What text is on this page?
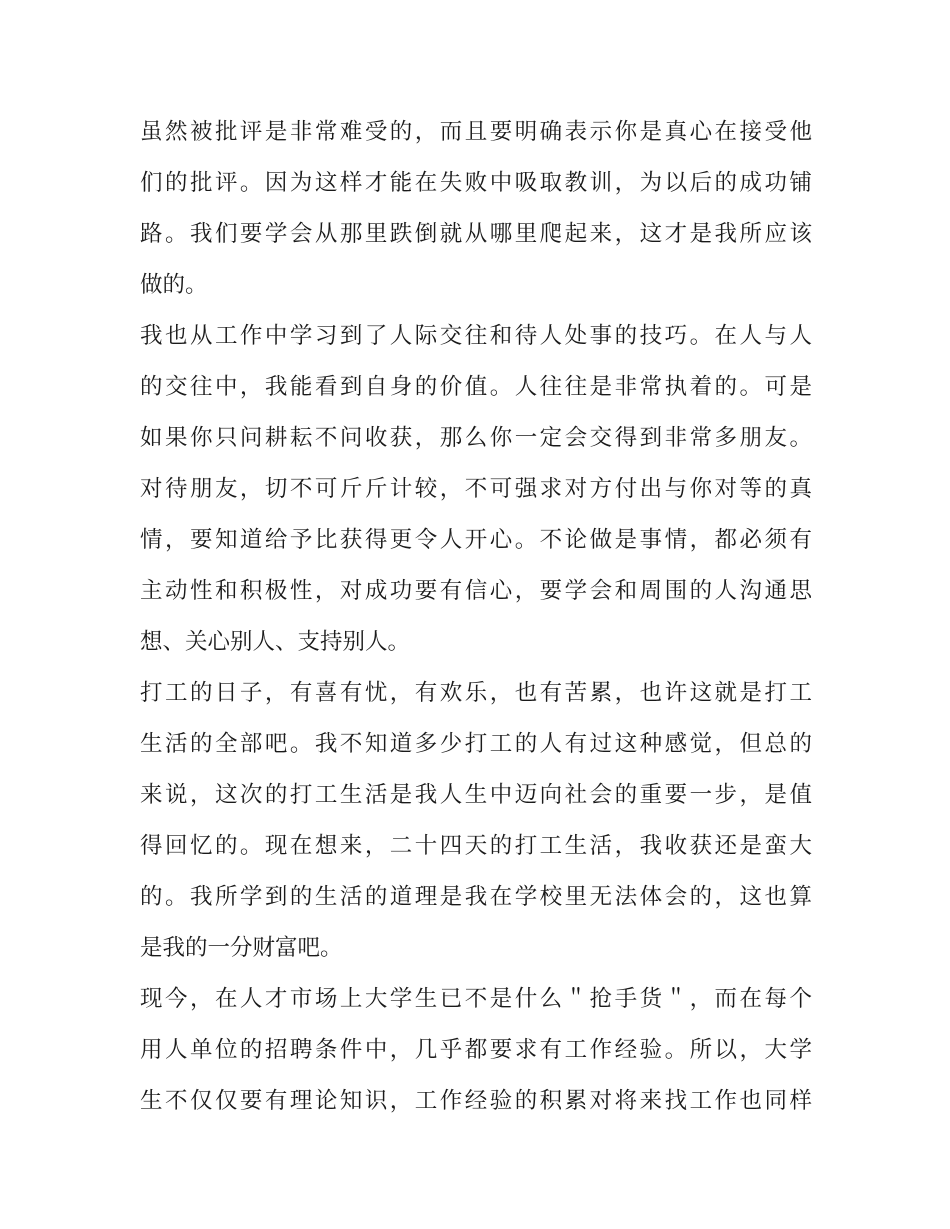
虽然被批评是非常难受的，而且要明确表示你是真心在接受他
们的批评。因为这样才能在失败中吸取教训，为以后的成功铺
路。我们要学会从那里跌倒就从哪里爬起来，这才是我所应该
做的。
我也从工作中学习到了人际交往和待人处事的技巧。在人与人
的交往中，我能看到自身的价值。人往往是非常执着的。可是
如果你只问耕耘不问收获，那么你一定会交得到非常多朋友。
对待朋友，切不可斤斤计较，不可强求对方付出与你对等的真
情，要知道给予比获得更令人开心。不论做是事情，都必须有
主动性和积极性，对成功要有信心，要学会和周围的人沟通思
想、关心别人、支持别人。
打工的日子，有喜有忧，有欢乐，也有苦累，也许这就是打工
生活的全部吧。我不知道多少打工的人有过这种感觉，但总的
来说，这次的打工生活是我人生中迈向社会的重要一步，是值
得回忆的。现在想来，二十四天的打工生活，我收获还是蛮大
的。我所学到的生活的道理是我在学校里无法体会的，这也算
是我的一分财富吧。
现今，在人才市场上大学生已不是什么＂抢手货＂，而在每个
用人单位的招聘条件中，几乎都要求有工作经验。所以，大学
生不仅仅要有理论知识，工作经验的积累对将来找工作也同样
